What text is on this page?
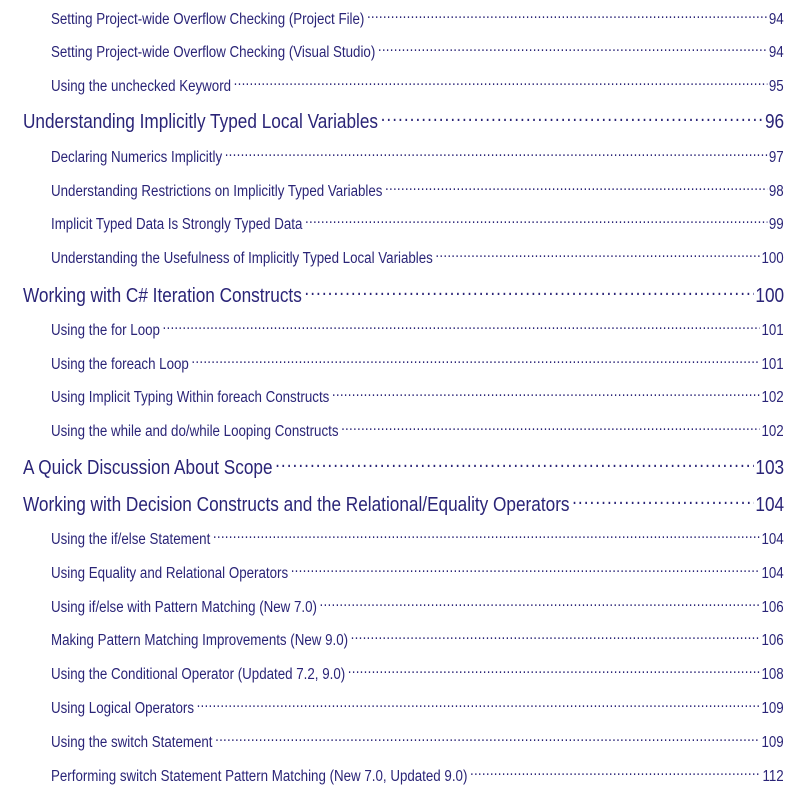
Setting Project-wide Overflow Checking (Project File) .....	94
Setting Project-wide Overflow Checking (Visual Studio) .....	94
Using the unchecked Keyword .....	95
Understanding Implicitly Typed Local Variables .....	96
Declaring Numerics Implicitly .....	97
Understanding Restrictions on Implicitly Typed Variables .....	98
Implicit Typed Data Is Strongly Typed Data .....	99
Understanding the Usefulness of Implicitly Typed Local Variables .....	100
Working with C# Iteration Constructs .....	100
Using the for Loop .....	101
Using the foreach Loop .....	101
Using Implicit Typing Within foreach Constructs .....	102
Using the while and do/while Looping Constructs .....	102
A Quick Discussion About Scope .....	103
Working with Decision Constructs and the Relational/Equality Operators .....	104
Using the if/else Statement .....	104
Using Equality and Relational Operators .....	104
Using if/else with Pattern Matching (New 7.0) .....	106
Making Pattern Matching Improvements (New 9.0) .....	106
Using the Conditional Operator (Updated 7.2, 9.0) .....	108
Using Logical Operators .....	109
Using the switch Statement .....	109
Performing switch Statement Pattern Matching (New 7.0, Updated 9.0) .....	112
